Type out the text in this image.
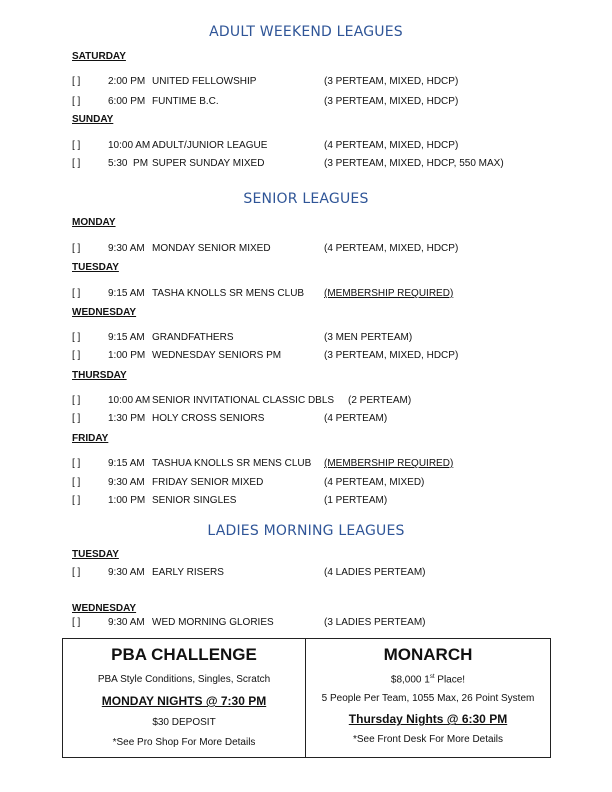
ADULT WEEKEND LEAGUES
SATURDAY
[ ]	2:00 PM UNITED FELLOWSHIP	(3 PERTEAM, MIXED, HDCP)
[ ]	6:00 PM FUNTIME B.C.	(3 PERTEAM, MIXED, HDCP)
SUNDAY
[ ]	10:00 AM ADULT/JUNIOR LEAGUE	(4 PERTEAM, MIXED, HDCP)
[ ]	5:30  PM SUPER SUNDAY MIXED	(3 PERTEAM, MIXED, HDCP, 550 MAX)
SENIOR LEAGUES
MONDAY
[ ]	9:30 AM MONDAY SENIOR MIXED	(4 PERTEAM, MIXED, HDCP)
TUESDAY
[ ]	9:15 AM TASHA KNOLLS SR MENS CLUB (MEMBERSHIP REQUIRED)
WEDNESDAY
[ ]	9:15 AM GRANDFATHERS	(3 MEN PERTEAM)
[ ]	1:00 PM WEDNESDAY SENIORS PM	(3 PERTEAM, MIXED, HDCP)
THURSDAY
[ ]	10:00 AM SENIOR INVITATIONAL CLASSIC DBLS (2 PERTEAM)
[ ]	1:30 PM HOLY CROSS SENIORS	(4 PERTEAM)
FRIDAY
[ ]	9:15 AM TASHUA KNOLLS SR MENS CLUB (MEMBERSHIP REQUIRED)
[ ]	9:30 AM FRIDAY SENIOR MIXED	(4 PERTEAM, MIXED)
[ ]	1:00 PM SENIOR SINGLES	(1 PERTEAM)
LADIES MORNING LEAGUES
TUESDAY
[ ]	9:30 AM EARLY RISERS	(4 LADIES PERTEAM)
WEDNESDAY
[ ]	9:30 AM WED MORNING GLORIES	(3 LADIES PERTEAM)
PBA CHALLENGE
PBA Style Conditions, Singles, Scratch
MONDAY NIGHTS @ 7:30 PM
$30 DEPOSIT
*See Pro Shop For More Details
MONARCH
$8,000 1st Place!
5 People Per Team, 1055 Max, 26 Point System
Thursday Nights @ 6:30 PM
*See Front Desk For More Details
